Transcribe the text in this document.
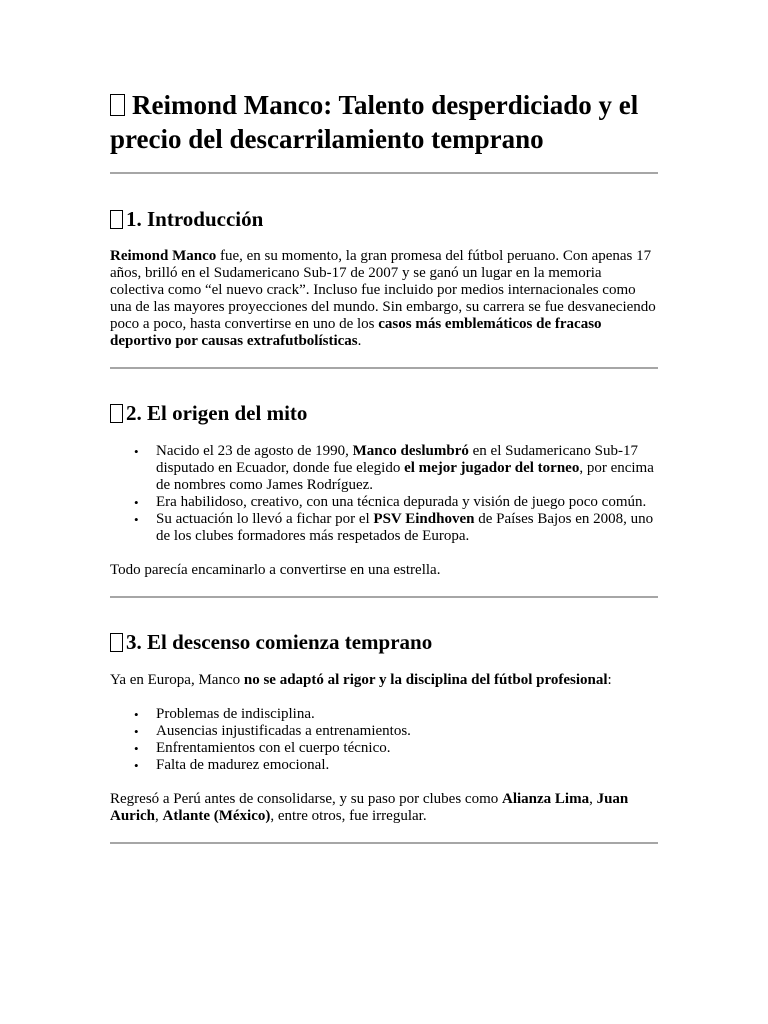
Reimond Manco: Talento desperdiciado y el precio del descarrilamiento temprano
1. Introducción

Reimond Manco fue, en su momento, la gran promesa del fútbol peruano. Con apenas 17 años, brilló en el Sudamericano Sub-17 de 2007 y se ganó un lugar en la memoria colectiva como “el nuevo crack”. Incluso fue incluido por medios internacionales como una de las mayores proyecciones del mundo. Sin embargo, su carrera se fue desvaneciendo poco a poco, hasta convertirse en uno de los casos más emblemáticos de fracaso deportivo por causas extrafutbolísticas.

2. El origen del mito
• Nacido el 23 de agosto de 1990, Manco deslumbró en el Sudamericano Sub-17 disputado en Ecuador, donde fue elegido el mejor jugador del torneo, por encima de nombres como James Rodríguez.
• Era habilidoso, creativo, con una técnica depurada y visión de juego poco común.
• Su actuación lo llevó a fichar por el PSV Eindhoven de Países Bajos en 2008, uno de los clubes formadores más respetados de Europa.

Todo parecía encaminarlo a convertirse en una estrella.

3. El descenso comienza temprano

Ya en Europa, Manco no se adaptó al rigor y la disciplina del fútbol profesional:

• Problemas de indisciplina.
• Ausencias injustificadas a entrenamientos.
• Enfrentamientos con el cuerpo técnico.
• Falta de madurez emocional.

Regresó a Perú antes de consolidarse, y su paso por clubes como Alianza Lima, Juan Aurich, Atlante (México), entre otros, fue irregular.
